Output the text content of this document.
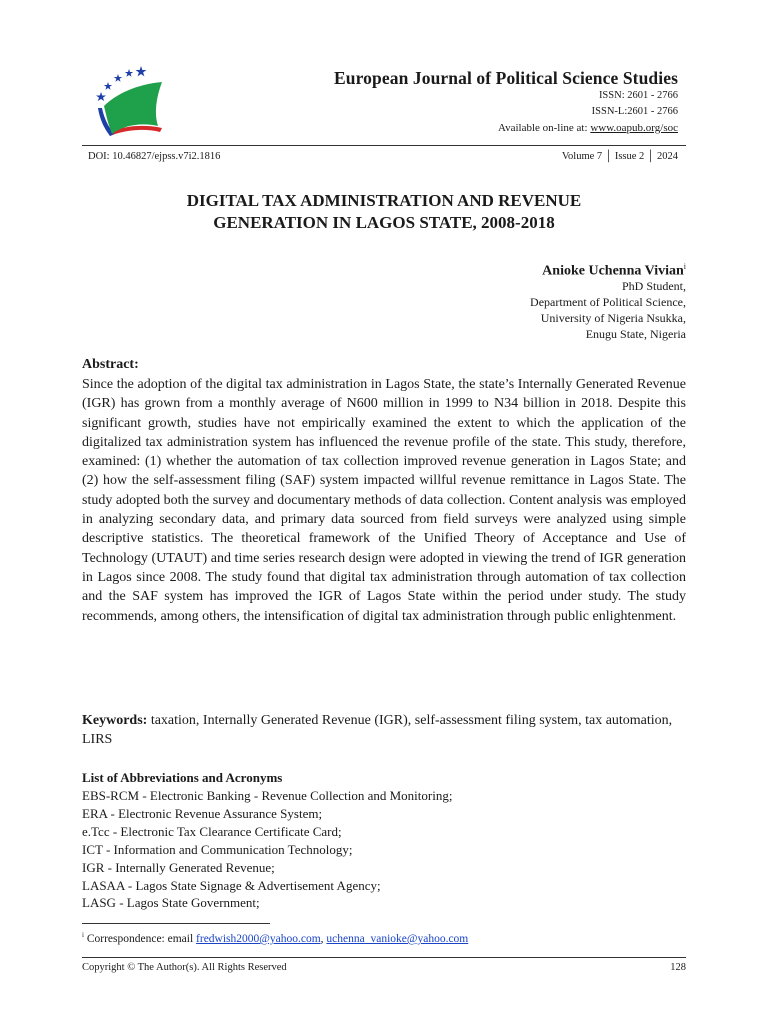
European Journal of Political Science Studies
ISSN: 2601 - 2766
ISSN-L:2601 - 2766
Available on-line at: www.oapub.org/soc
DOI: 10.46827/ejpss.v7i2.1816	Volume 7 │ Issue 2 │ 2024
DIGITAL TAX ADMINISTRATION AND REVENUE
GENERATION IN LAGOS STATE, 2008-2018
Anioke Uchenna Vivian$^i$
PhD Student,
Department of Political Science,
University of Nigeria Nsukka,
Enugu State, Nigeria
Abstract:
Since the adoption of the digital tax administration in Lagos State, the state’s Internally Generated Revenue (IGR) has grown from a monthly average of N600 million in 1999 to N34 billion in 2018. Despite this significant growth, studies have not empirically examined the extent to which the application of the digitalized tax administration system has influenced the revenue profile of the state. This study, therefore, examined: (1) whether the automation of tax collection improved revenue generation in Lagos State; and (2) how the self-assessment filing (SAF) system impacted willful revenue remittance in Lagos State. The study adopted both the survey and documentary methods of data collection. Content analysis was employed in analyzing secondary data, and primary data sourced from field surveys were analyzed using simple descriptive statistics. The theoretical framework of the Unified Theory of Acceptance and Use of Technology (UTAUT) and time series research design were adopted in viewing the trend of IGR generation in Lagos since 2008. The study found that digital tax administration through automation of tax collection and the SAF system has improved the IGR of Lagos State within the period under study. The study recommends, among others, the intensification of digital tax administration through public enlightenment.
Keywords: taxation, Internally Generated Revenue (IGR), self-assessment filing system, tax automation, LIRS
List of Abbreviations and Acronyms
EBS-RCM - Electronic Banking - Revenue Collection and Monitoring;
ERA - Electronic Revenue Assurance System;
e.Tcc - Electronic Tax Clearance Certificate Card;
ICT - Information and Communication Technology;
IGR - Internally Generated Revenue;
LASAA - Lagos State Signage & Advertisement Agency;
LASG - Lagos State Government;
$^i$ Correspondence: email fredwish2000@yahoo.com, uchenna_vanioke@yahoo.com
Copyright © The Author(s). All Rights Reserved	128
